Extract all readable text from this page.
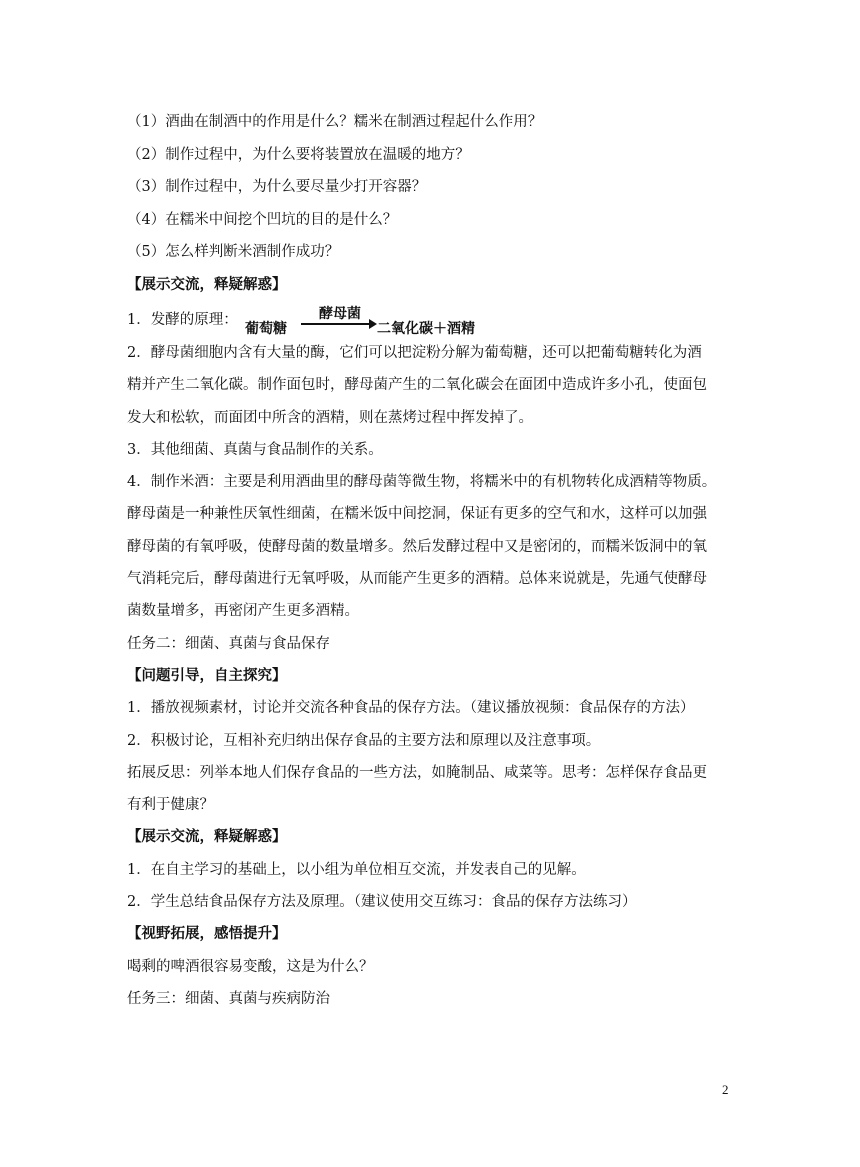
（1）酒曲在制酒中的作用是什么？糯米在制酒过程起什么作用？
（2）制作过程中，为什么要将装置放在温暖的地方？
（3）制作过程中，为什么要尽量少打开容器？
（4）在糯米中间挖个凹坑的目的是什么？
（5）怎么样判断米酒制作成功？
【展示交流，释疑解惑】
1．发酵的原理：
葡萄糖
酵母菌
二氧化碳＋酒精
2．酵母菌细胞内含有大量的酶，它们可以把淀粉分解为葡萄糖，还可以把葡萄糖转化为酒
精并产生二氧化碳。制作面包时，酵母菌产生的二氧化碳会在面团中造成许多小孔，使面包
发大和松软，而面团中所含的酒精，则在蒸烤过程中挥发掉了。
3．其他细菌、真菌与食品制作的关系。
4．制作米酒：主要是利用酒曲里的酵母菌等微生物，将糯米中的有机物转化成酒精等物质。
酵母菌是一种兼性厌氧性细菌，在糯米饭中间挖洞，保证有更多的空气和水，这样可以加强
酵母菌的有氧呼吸，使酵母菌的数量增多。然后发酵过程中又是密闭的，而糯米饭洞中的氧
气消耗完后，酵母菌进行无氧呼吸，从而能产生更多的酒精。总体来说就是，先通气使酵母
菌数量增多，再密闭产生更多酒精。
任务二：细菌、真菌与食品保存
【问题引导，自主探究】
1．播放视频素材，讨论并交流各种食品的保存方法。（建议播放视频：食品保存的方法）
2．积极讨论，互相补充归纳出保存食品的主要方法和原理以及注意事项。
拓展反思：列举本地人们保存食品的一些方法，如腌制品、咸菜等。思考：怎样保存食品更
有利于健康？
【展示交流，释疑解惑】
1．在自主学习的基础上，以小组为单位相互交流，并发表自己的见解。
2．学生总结食品保存方法及原理。（建议使用交互练习：食品的保存方法练习）
【视野拓展，感悟提升】
喝剩的啤酒很容易变酸，这是为什么？
任务三：细菌、真菌与疾病防治
2
